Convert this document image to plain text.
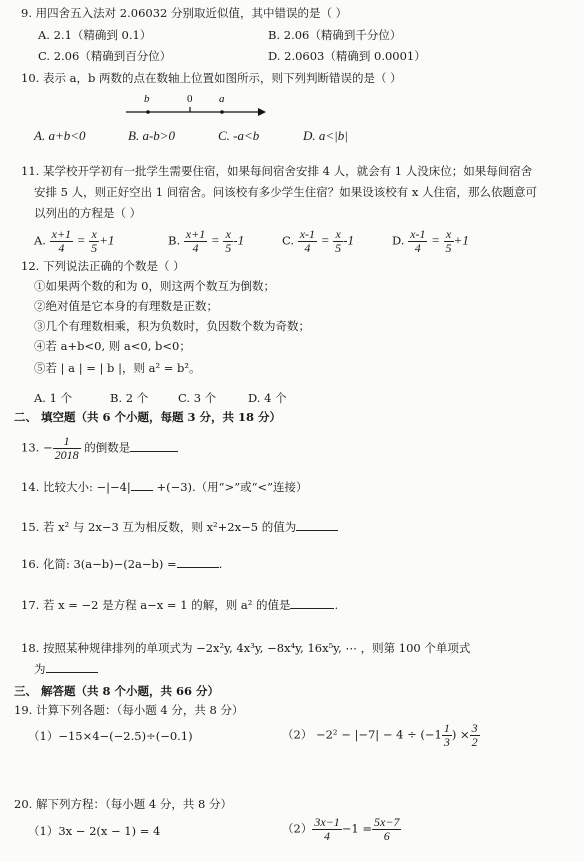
9. 用四舍五入法对 2.06032 分别取近似值，其中错误的是（ ）
A. 2.1（精确到 0.1）	B. 2.06（精确到千分位）
C. 2.06（精确到百分位）	D. 2.0603（精确到 0.0001）
10. 表示 a，b 两数的点在数轴上位置如图所示，则下列判断错误的是（ ）
b	0 a
A. a+b<0	B. a-b>0	C. -a<b	D. a<|b|
11. 某学校开学初有一批学生需要住宿，如果每间宿舍安排 4 人，就会有 1 人没床位；如果每间宿舍
安排 5 人，则正好空出 1 间宿舍。问该校有多少学生住宿？如果设该校有 x 人住宿，那么依题意可
以列出的方程是（ ）
A. $\frac{x+1}{4} = \frac{x}{5} +1$	B. $\frac{x+1}{4} = \frac{x}{5} -1$	C. $\frac{x-1}{4} = \frac{x}{5} -1$	D. $\frac{x-1}{4} = \frac{x}{5} +1$
12. 下列说法正确的个数是（ ）
①如果两个数的和为 0，则这两个数互为倒数；
②绝对值是它本身的有理数是正数；
③几个有理数相乘，积为负数时，负因数个数为奇数；
④若 a+b<0, 则 a<0, b<0；
⑤若 | a | = | b |，则 a² = b²。
A. 1 个	B. 2 个	C. 3 个	D. 4 个
二、 填空题（共 6 个小题，每题 3 分，共 18 分）
13. − $\frac{1}{2018}$ 的倒数是
14. 比较大小: −|−4| +(−3).（用“>”或“<”连接）
15. 若 x² 与 2x−3 互为相反数，则 x²+2x−5 的值为
16. 化简: 3(a−b)−(2a−b) =	.
17. 若 x = −2 是方程 a−x = 1 的解，则 a² 的值是	.
18. 按照某种规律排列的单项式为 −2x²y, 4x³y, −8x⁴y, 16x⁵y, ⋯ ，则第 100 个单项式
为
三、 解答题（共 8 个小题，共 66 分）
19. 计算下列各题：（每小题 4 分，共 8 分）
（1）−15×4−(−2.5)÷(−0.1)	$(2) -2^2 - |-7| - 4 \div (-1 \frac{1}{3}$ ) × $\frac{3}{2}$
20. 解下列方程：（每小题 4 分，共 8 分）
（1）3x − 2(x − 1) = 4	$(2) \frac{3x-1}{4} -1 = \frac{5x-7}{6}$
